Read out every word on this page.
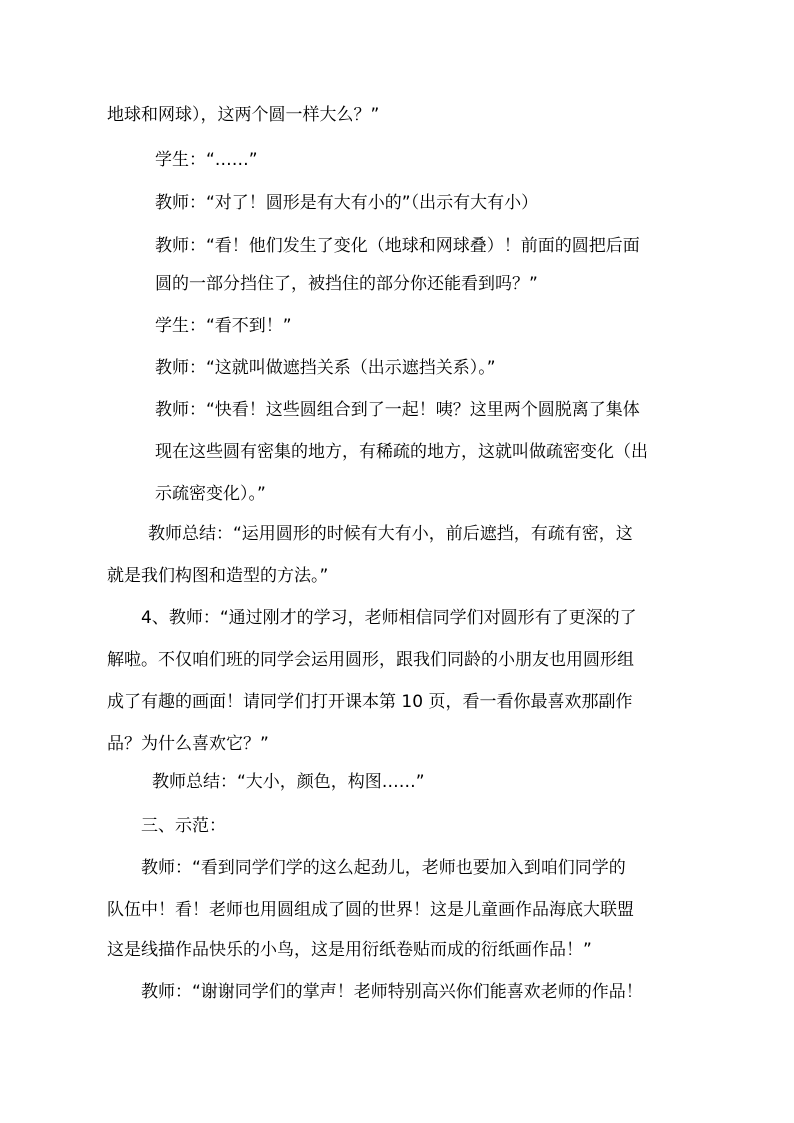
地球和网球），这两个圆一样大么？”
学生：“……”
教师：“对了！圆形是有大有小的”（出示有大有小）
教师：“看！他们发生了变化（地球和网球叠）！前面的圆把后面
圆的一部分挡住了，被挡住的部分你还能看到吗？”
学生：“看不到！”
教师：“这就叫做遮挡关系（出示遮挡关系）。”
教师：“快看！这些圆组合到了一起！咦？这里两个圆脱离了集体
现在这些圆有密集的地方，有稀疏的地方，这就叫做疏密变化（出
示疏密变化）。”
教师总结：“运用圆形的时候有大有小，前后遮挡，有疏有密，这
就是我们构图和造型的方法。”
4、教师：“通过刚才的学习，老师相信同学们对圆形有了更深的了
解啦。不仅咱们班的同学会运用圆形，跟我们同龄的小朋友也用圆形组
成了有趣的画面！请同学们打开课本第 10 页，看一看你最喜欢那副作
品？为什么喜欢它？”
教师总结：“大小，颜色，构图……”
三、示范：
教师：“看到同学们学的这么起劲儿，老师也要加入到咱们同学的
队伍中！看！老师也用圆组成了圆的世界！这是儿童画作品海底大联盟
这是线描作品快乐的小鸟，这是用衍纸卷贴而成的衍纸画作品！”
教师：“谢谢同学们的掌声！老师特别高兴你们能喜欢老师的作品！
